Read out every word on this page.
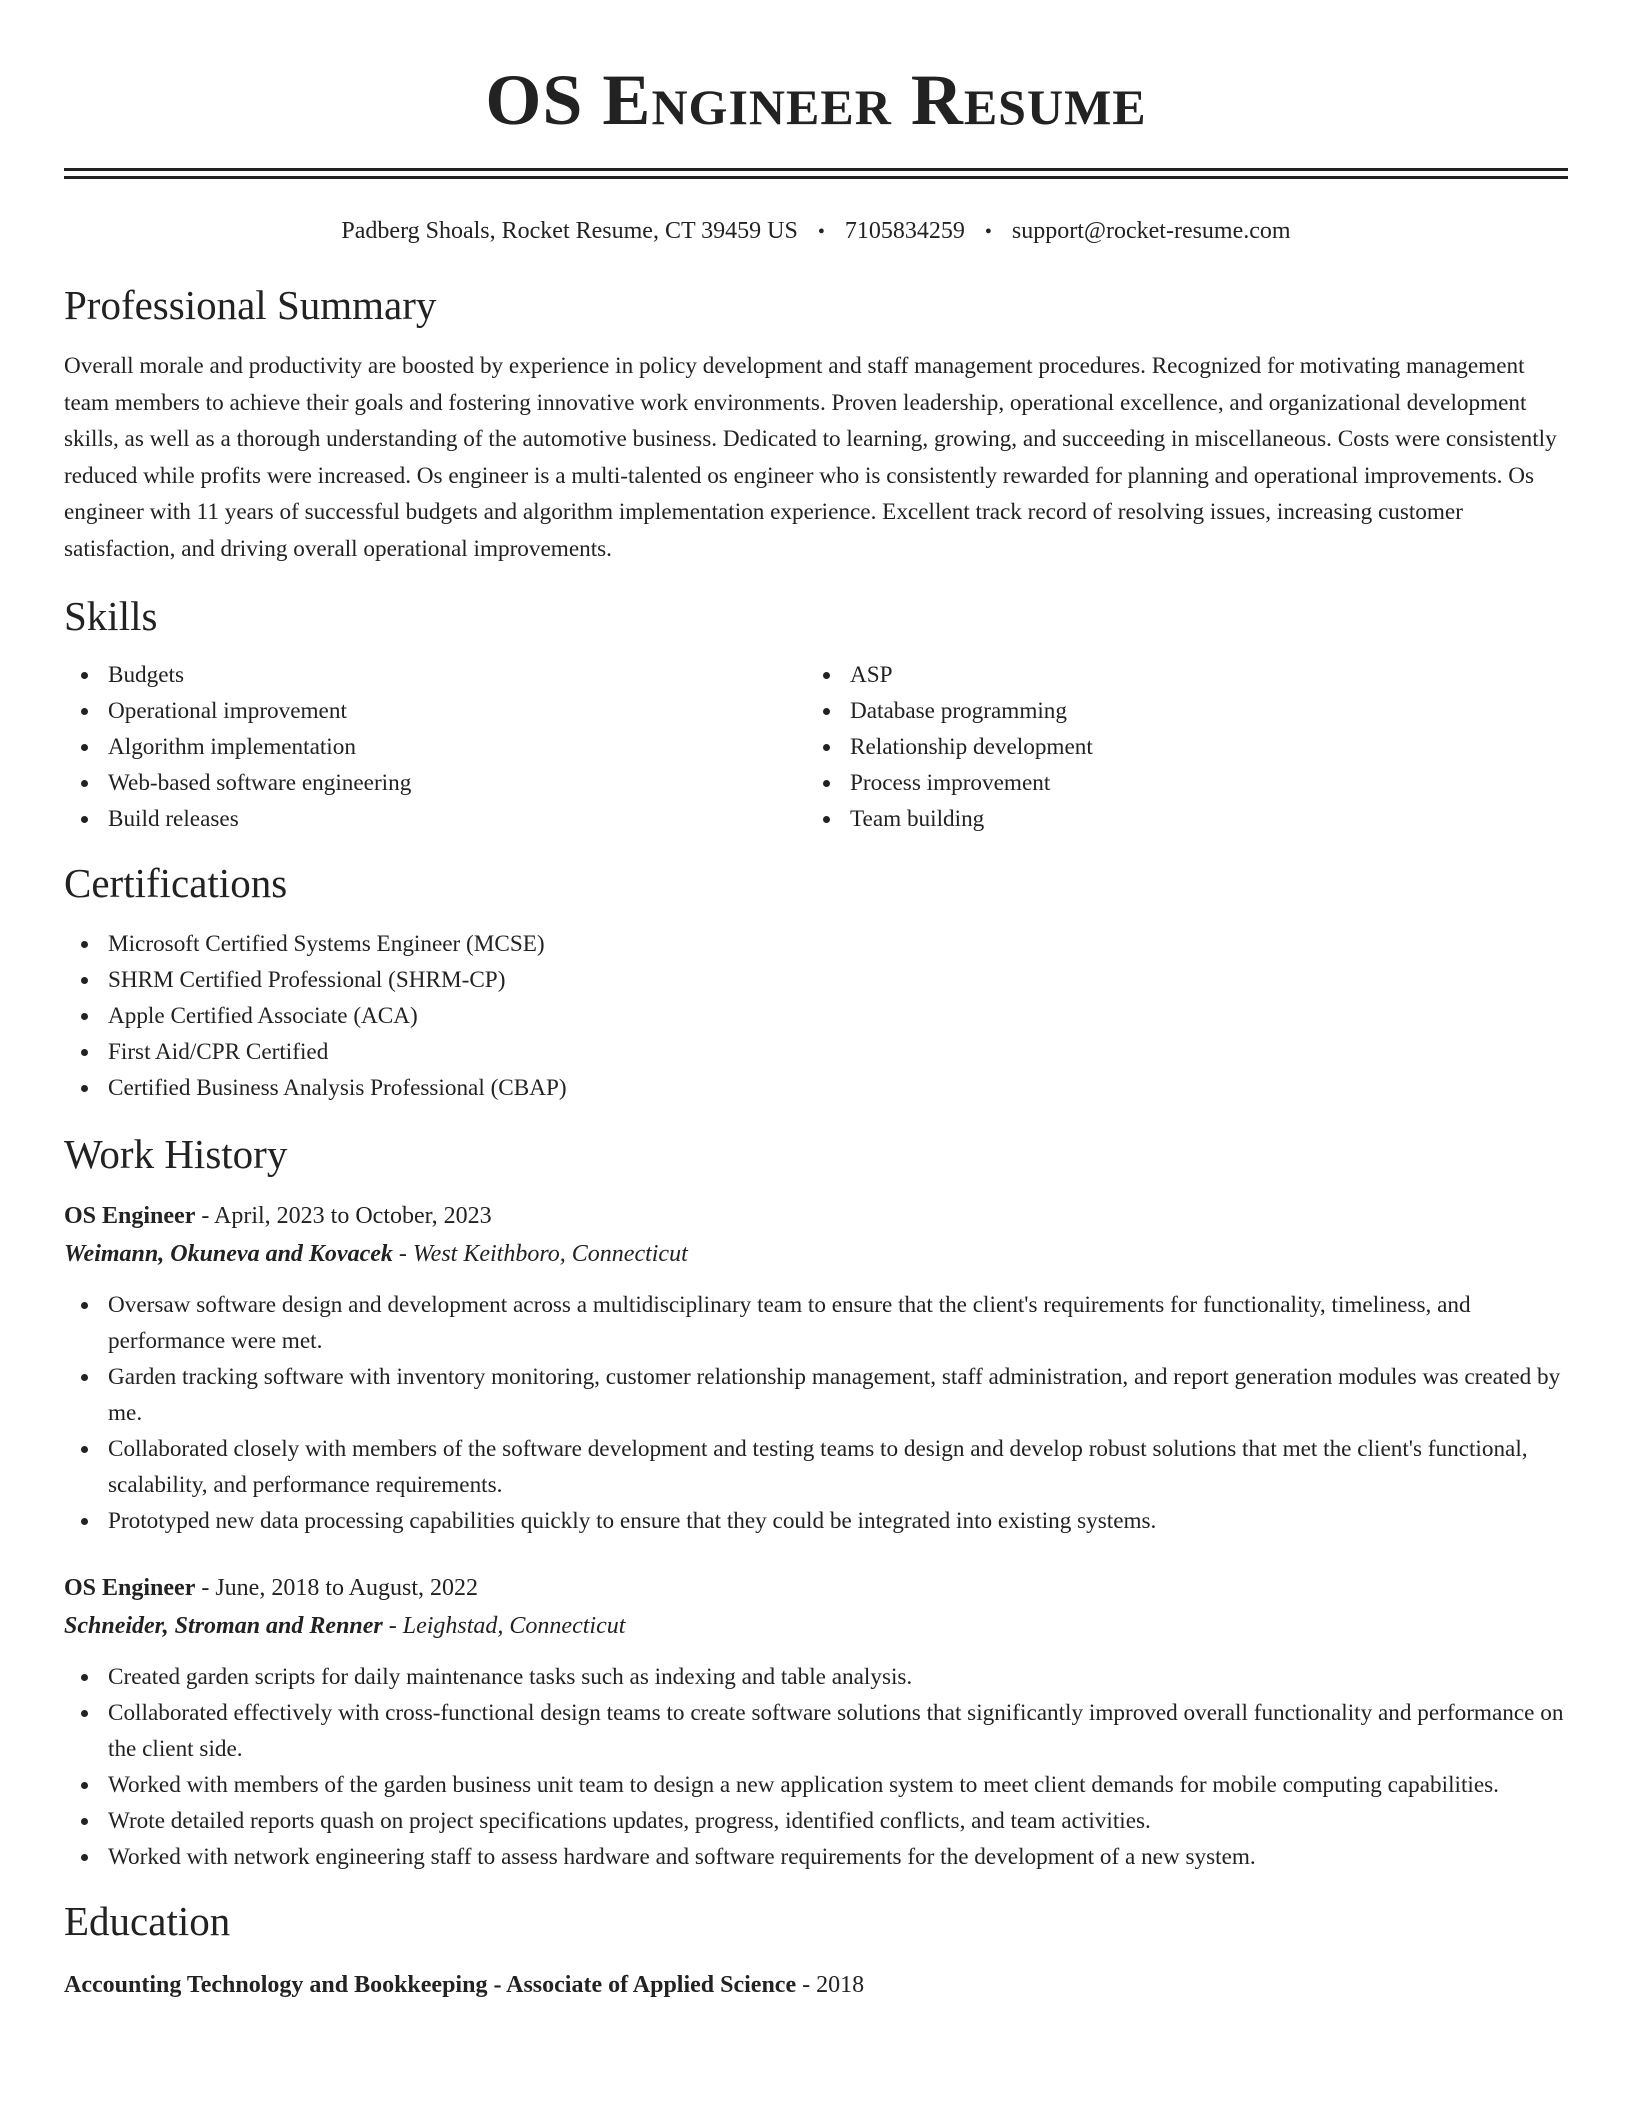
OS Engineer Resume
Padberg Shoals, Rocket Resume, CT 39459 US • 7105834259 • support@rocket-resume.com
Professional Summary

Overall morale and productivity are boosted by experience in policy development and staff management procedures. Recognized for motivating management team members to achieve their goals and fostering innovative work environments. Proven leadership, operational excellence, and organizational development skills, as well as a thorough understanding of the automotive business. Dedicated to learning, growing, and succeeding in miscellaneous. Costs were consistently reduced while profits were increased. Os engineer is a multi-talented os engineer who is consistently rewarded for planning and operational improvements. Os engineer with 11 years of successful budgets and algorithm implementation experience. Excellent track record of resolving issues, increasing customer satisfaction, and driving overall operational improvements.

Skills
Budgets
Operational improvement
Algorithm implementation
Web-based software engineering
Build releases
ASP
Database programming
Relationship development
Process improvement
Team building
Certifications
Microsoft Certified Systems Engineer (MCSE)
SHRM Certified Professional (SHRM-CP)
Apple Certified Associate (ACA)
First Aid/CPR Certified
Certified Business Analysis Professional (CBAP)
Work History
OS Engineer - April, 2023 to October, 2023
Weimann, Okuneva and Kovacek - West Keithboro, Connecticut
Oversaw software design and development across a multidisciplinary team to ensure that the client's requirements for functionality, timeliness, and performance were met.
Garden tracking software with inventory monitoring, customer relationship management, staff administration, and report generation modules was created by me.
Collaborated closely with members of the software development and testing teams to design and develop robust solutions that met the client's functional, scalability, and performance requirements.
Prototyped new data processing capabilities quickly to ensure that they could be integrated into existing systems.
OS Engineer - June, 2018 to August, 2022
Schneider, Stroman and Renner - Leighstad, Connecticut
Created garden scripts for daily maintenance tasks such as indexing and table analysis.
Collaborated effectively with cross-functional design teams to create software solutions that significantly improved overall functionality and performance on the client side.
Worked with members of the garden business unit team to design a new application system to meet client demands for mobile computing capabilities.
Wrote detailed reports quash on project specifications updates, progress, identified conflicts, and team activities.
Worked with network engineering staff to assess hardware and software requirements for the development of a new system.
Education
Accounting Technology and Bookkeeping - Associate of Applied Science - 2018
